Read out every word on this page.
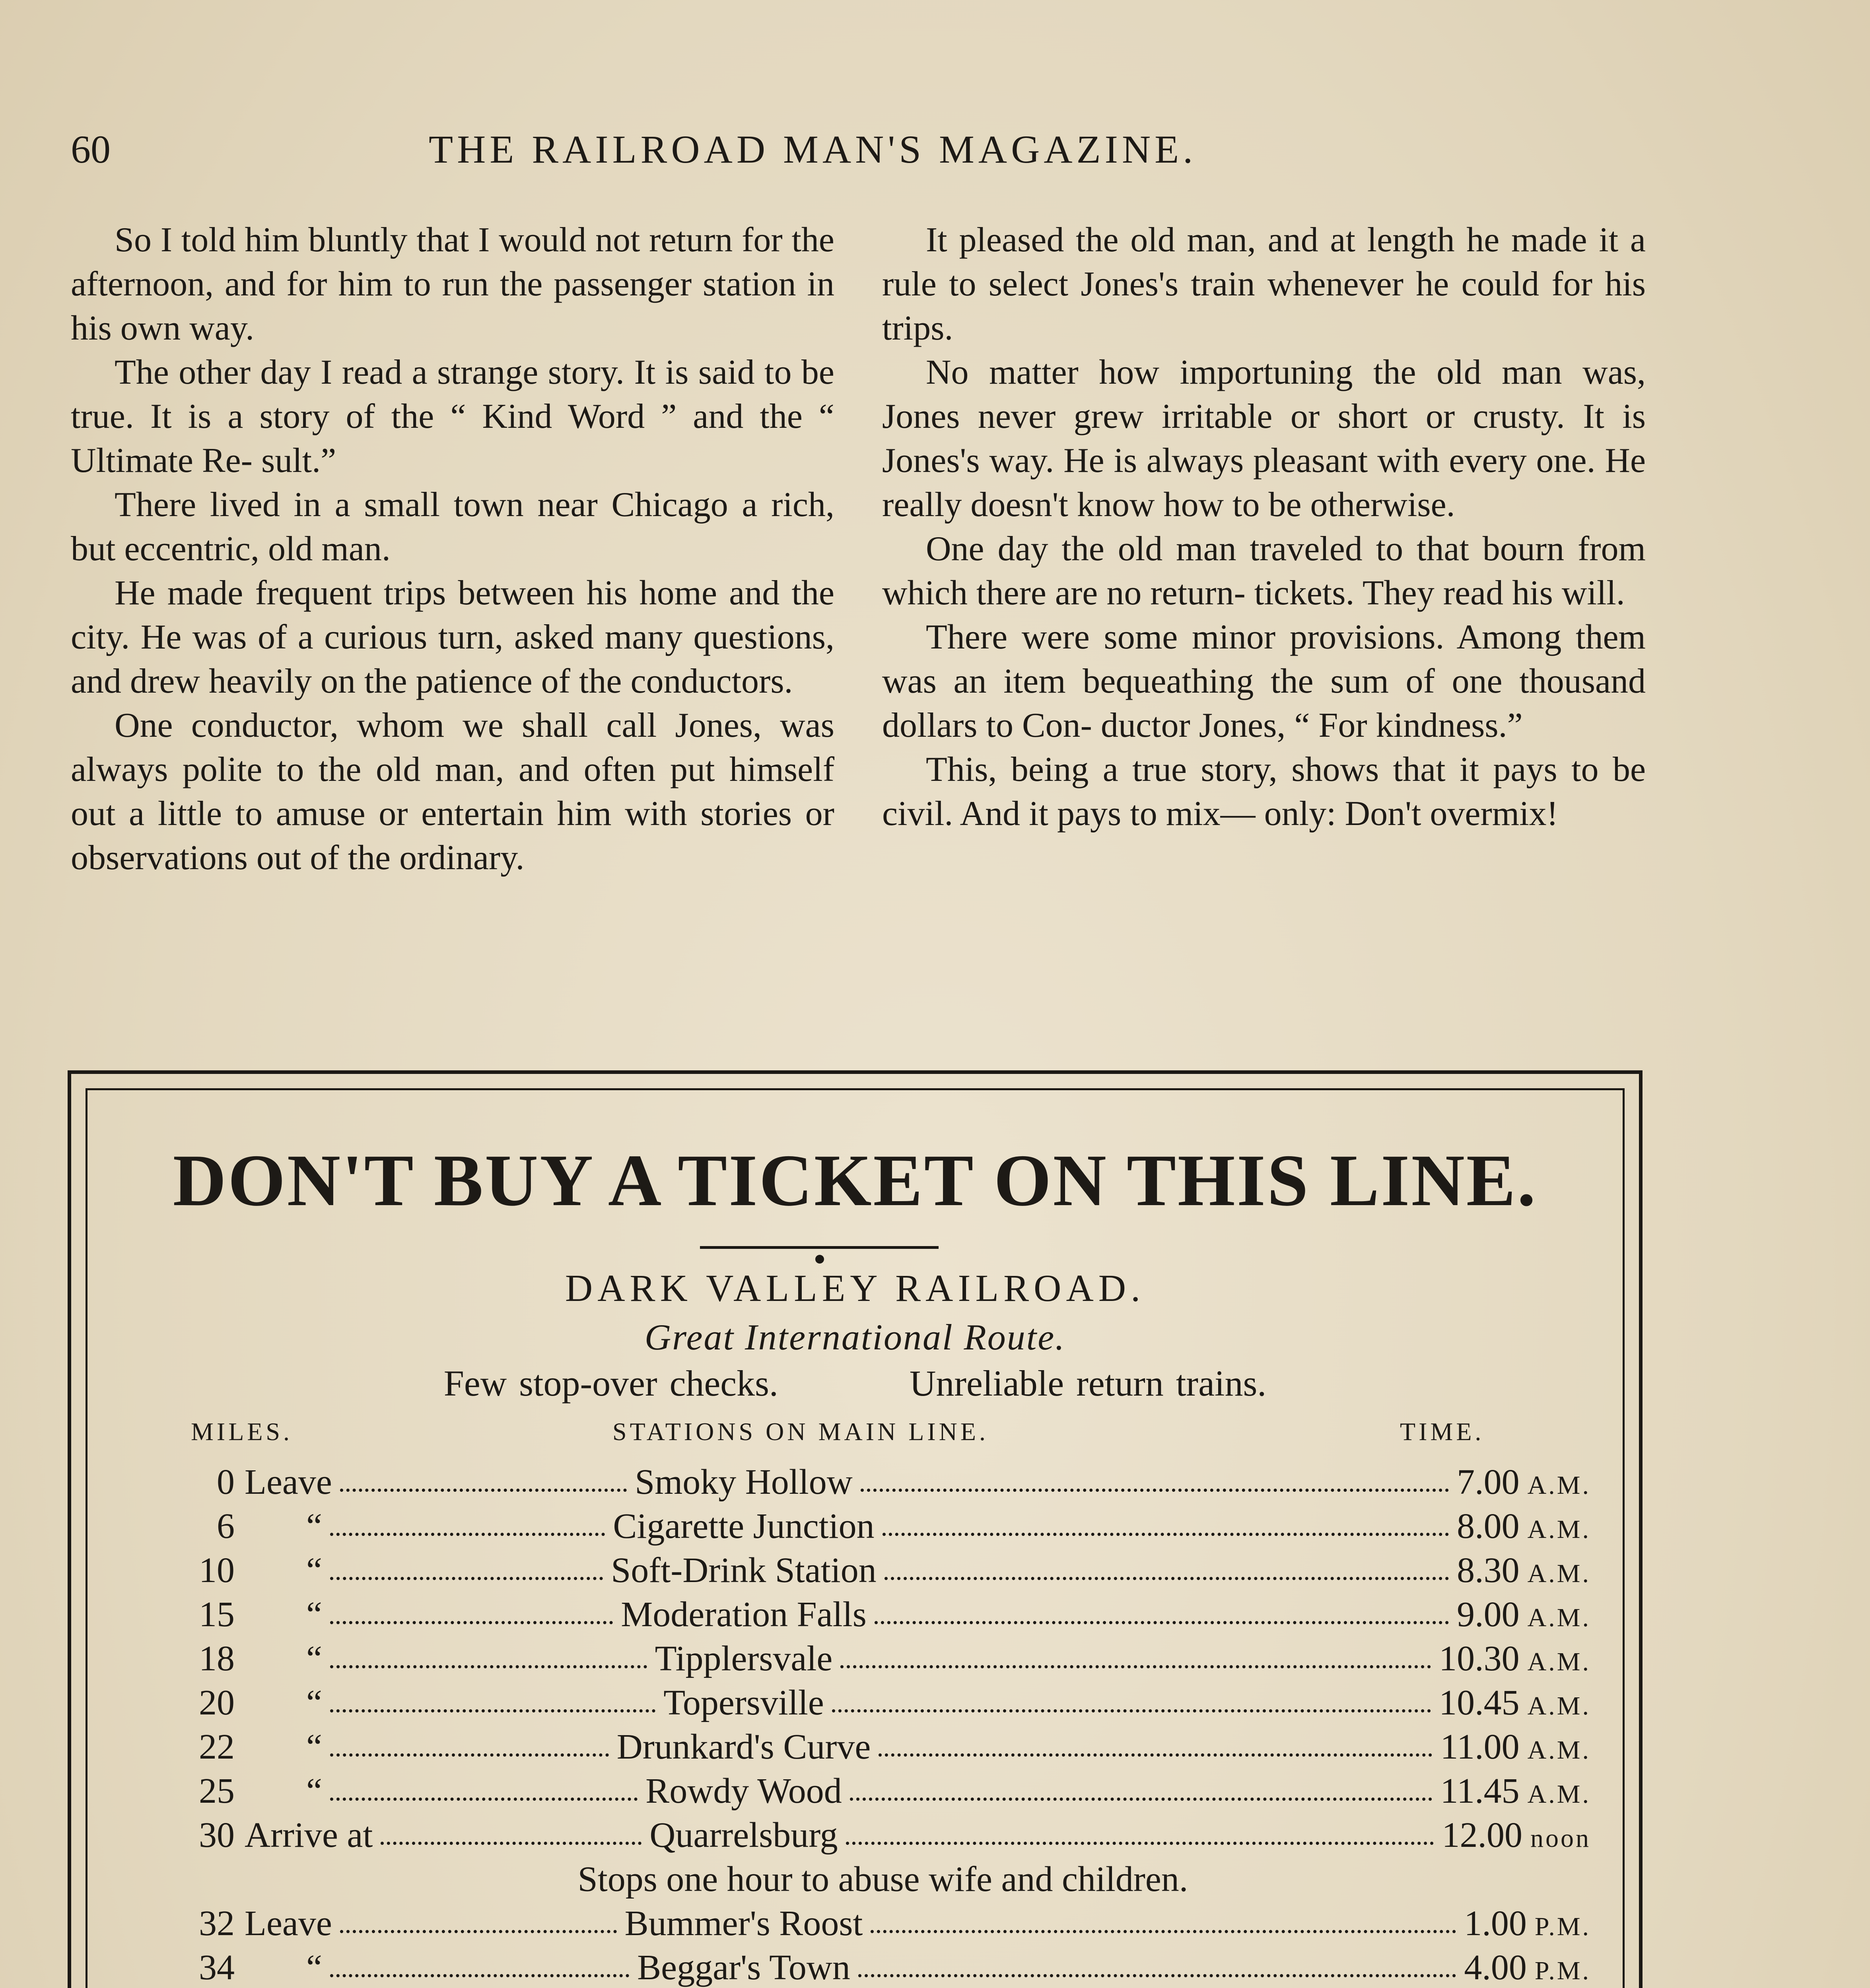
60	THE RAILROAD MAN'S MAGAZINE.

So I told him bluntly that I would not return for the afternoon, and for him to run the passenger station in his own way.

The other day I read a strange story. It is said to be true. It is a story of the “ Kind Word ” and the “ Ultimate Re- sult.”

There lived in a small town near Chicago a rich, but eccentric, old man.

He made frequent trips between his home and the city. He was of a curious turn, asked many questions, and drew heavily on the patience of the conductors.

One conductor, whom we shall call Jones, was always polite to the old man, and often put himself out a little to amuse or entertain him with stories or observations out of the ordinary.

It pleased the old man, and at length he made it a rule to select Jones's train whenever he could for his trips.

No matter how importuning the old man was, Jones never grew irritable or short or crusty. It is Jones's way. He is always pleasant with every one. He really doesn't know how to be otherwise.

One day the old man traveled to that bourn from which there are no return- tickets. They read his will.

There were some minor provisions. Among them was an item bequeathing the sum of one thousand dollars to Con- ductor Jones, “ For kindness.”

This, being a true story, shows that it pays to be civil. And it pays to mix— only: Don't overmix!

DON'T BUY A TICKET ON THIS LINE.
DARK VALLEY RAILROAD.
Great International Route.
Few stop-over checks.	Unreliable return trains.
MILES.	STATIONS ON MAIN LINE.	TIME.
0 Leave	Smoky Hollow	7.00 A.M.
6 “	Cigarette Junction	8.00 A.M.
10 “	Soft-Drink Station	8.30 A.M.
15 “	Moderation Falls	9.00 A.M.
18 “	Tipplersvale	10.30 A.M.
20 “	Topersville	10.45 A.M.
22 “	Drunkard's Curve	11.00 A.M.
25 “	Rowdy Wood	11.45 A.M.
30 Arrive at	Quarrelsburg	12.00 noon
Stops one hour to abuse wife and children.
32 Leave	Bummer's Roost	1.00 P.M.
34 “	Beggar's Town	4.00 P.M.
